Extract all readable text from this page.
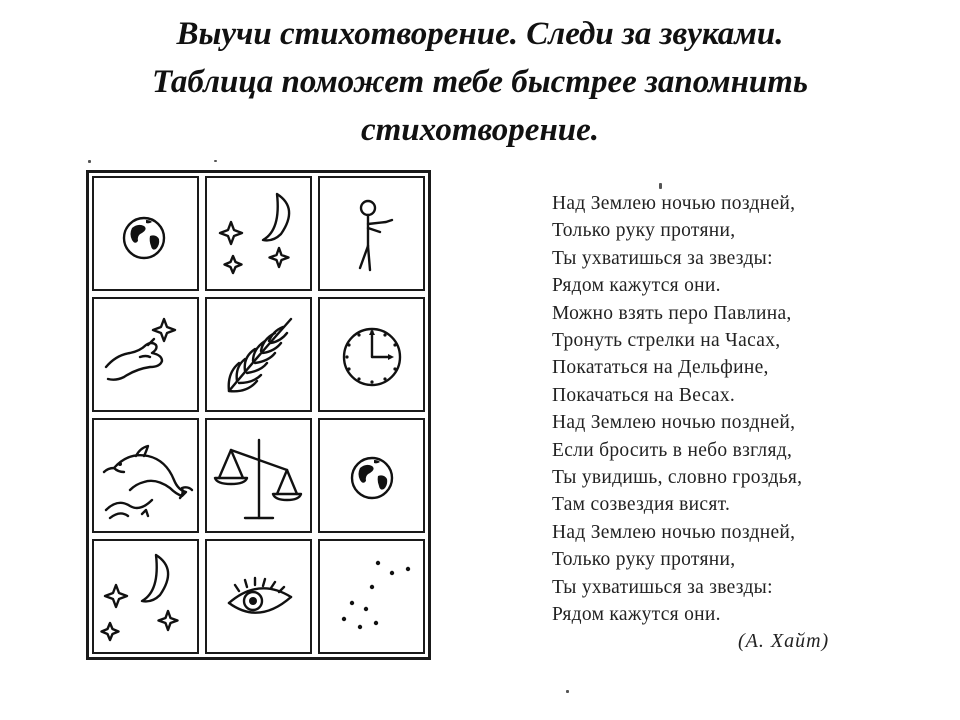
Выучи стихотворение. Следи за звуками.
Таблица поможет тебе быстрее запомнить
стихотворение.
Над Землею ночью поздней,
Только руку протяни,
Ты ухватишься за звезды:
Рядом кажутся они.
Можно взять перо Павлина,
Тронуть стрелки на Часах,
Покататься на Дельфине,
Покачаться на Весах.
Над Землею ночью поздней,
Если бросить в небо взгляд,
Ты увидишь, словно гроздья,
Там созвездия висят.
Над Землею ночью поздней,
Только руку протяни,
Ты ухватишься за звезды:
Рядом кажутся они.
(А. Хайт)
